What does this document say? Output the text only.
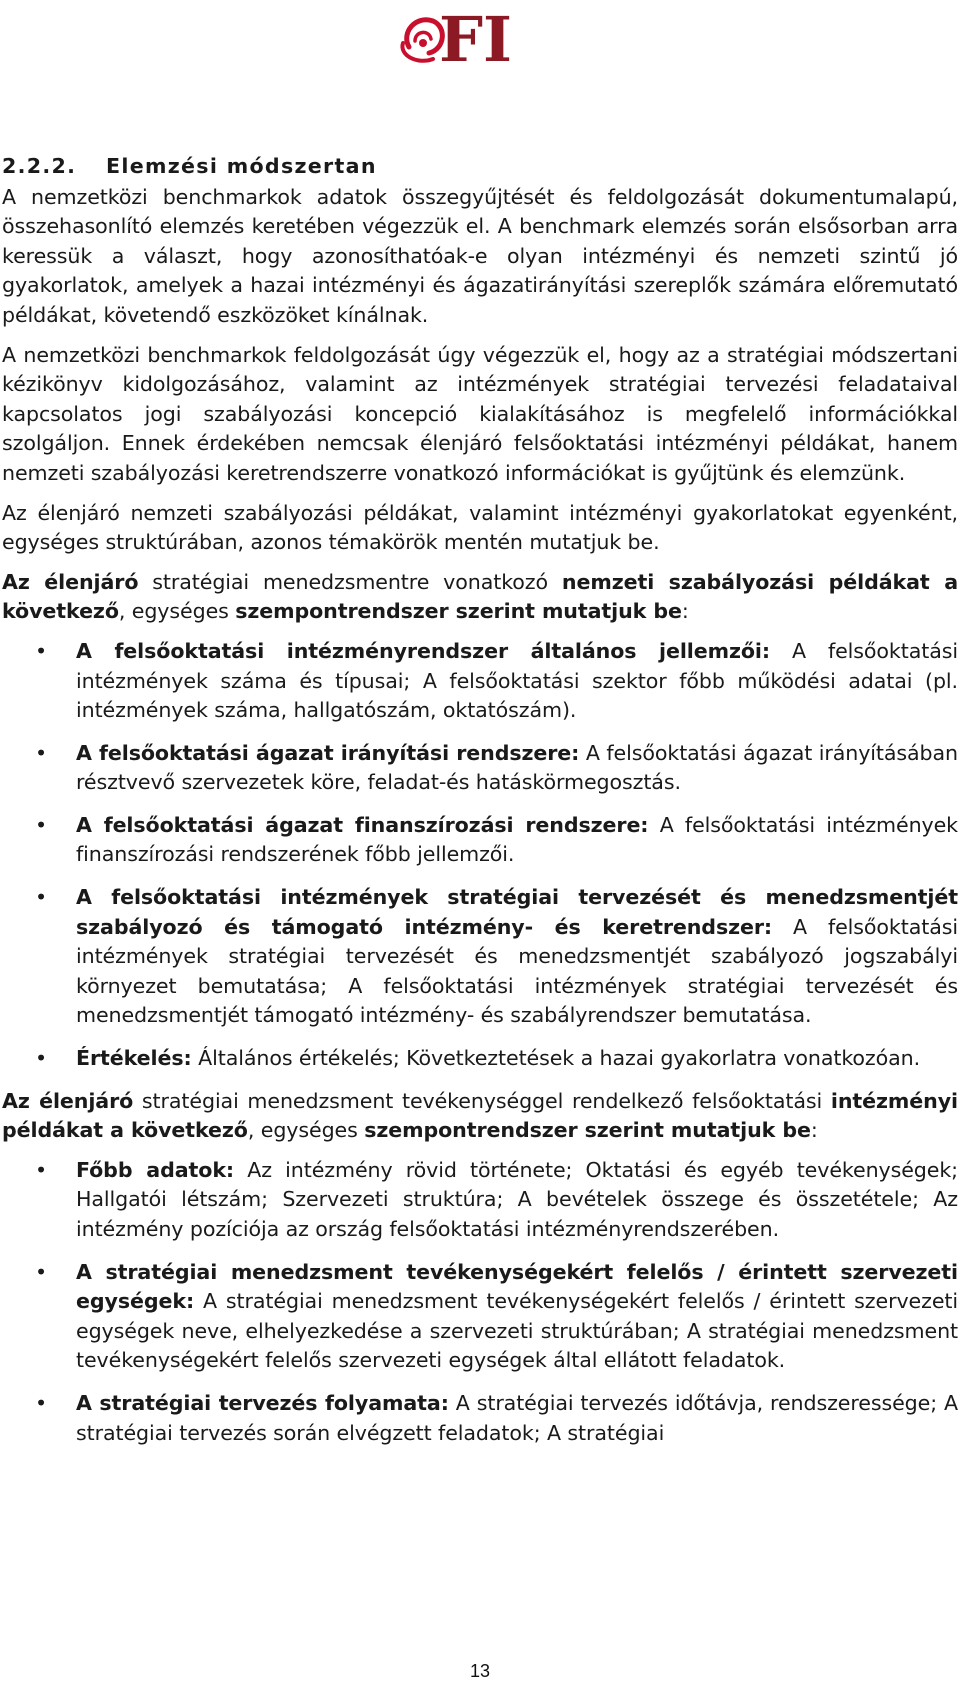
FI
2.2.2.	Elemzési módszertan

A nemzetközi benchmarkok adatok összegyűjtését és feldolgozását dokumentumalapú, összehasonlító elemzés keretében végezzük el. A benchmark elemzés során elsősorban arra keressük a választ, hogy azonosíthatóak-e olyan intézményi és nemzeti szintű jó gyakorlatok, amelyek a hazai intézményi és ágazatirányítási szereplők számára előremutató példákat, követendő eszközöket kínálnak.

A nemzetközi benchmarkok feldolgozását úgy végezzük el, hogy az a stratégiai módszertani kézikönyv kidolgozásához, valamint az intézmények stratégiai tervezési feladataival kapcsolatos jogi szabályozási koncepció kialakításához is megfelelő információkkal szolgáljon. Ennek érdekében nemcsak élenjáró felsőoktatási intézményi példákat, hanem nemzeti szabályozási keretrendszerre vonatkozó információkat is gyűjtünk és elemzünk.

Az élenjáró nemzeti szabályozási példákat, valamint intézményi gyakorlatokat egyenként, egységes struktúrában, azonos témakörök mentén mutatjuk be.

Az élenjáró stratégiai menedzsmentre vonatkozó nemzeti szabályozási példákat a következő, egységes szempontrendszer szerint mutatjuk be:

• A felsőoktatási intézményrendszer általános jellemzői: A felsőoktatási intézmények száma és típusai; A felsőoktatási szektor főbb működési adatai (pl. intézmények száma, hallgatószám, oktatószám).
• A felsőoktatási ágazat irányítási rendszere: A felsőoktatási ágazat irányításában résztvevő szervezetek köre, feladat-és hatáskörmegosztás.
• A felsőoktatási ágazat finanszírozási rendszere: A felsőoktatási intézmények finanszírozási rendszerének főbb jellemzői.
• A felsőoktatási intézmények stratégiai tervezését és menedzsmentjét szabályozó és támogató intézmény- és keretrendszer: A felsőoktatási intézmények stratégiai tervezését és menedzsmentjét szabályozó jogszabályi környezet bemutatása; A felsőoktatási intézmények stratégiai tervezését és menedzsmentjét támogató intézmény- és szabályrendszer bemutatása.
• Értékelés: Általános értékelés; Következtetések a hazai gyakorlatra vonatkozóan.

Az élenjáró stratégiai menedzsment tevékenységgel rendelkező felsőoktatási intézményi példákat a következő, egységes szempontrendszer szerint mutatjuk be:

• Főbb adatok: Az intézmény rövid története; Oktatási és egyéb tevékenységek; Hallgatói létszám; Szervezeti struktúra; A bevételek összege és összetétele; Az intézmény pozíciója az ország felsőoktatási intézményrendszerében.
• A stratégiai menedzsment tevékenységekért felelős / érintett szervezeti egységek: A stratégiai menedzsment tevékenységekért felelős / érintett szervezeti egységek neve, elhelyezkedése a szervezeti struktúrában; A stratégiai menedzsment tevékenységekért felelős szervezeti egységek által ellátott feladatok.
• A stratégiai tervezés folyamata: A stratégiai tervezés időtávja, rendszeressége; A stratégiai tervezés során elvégzett feladatok; A stratégiai
13
